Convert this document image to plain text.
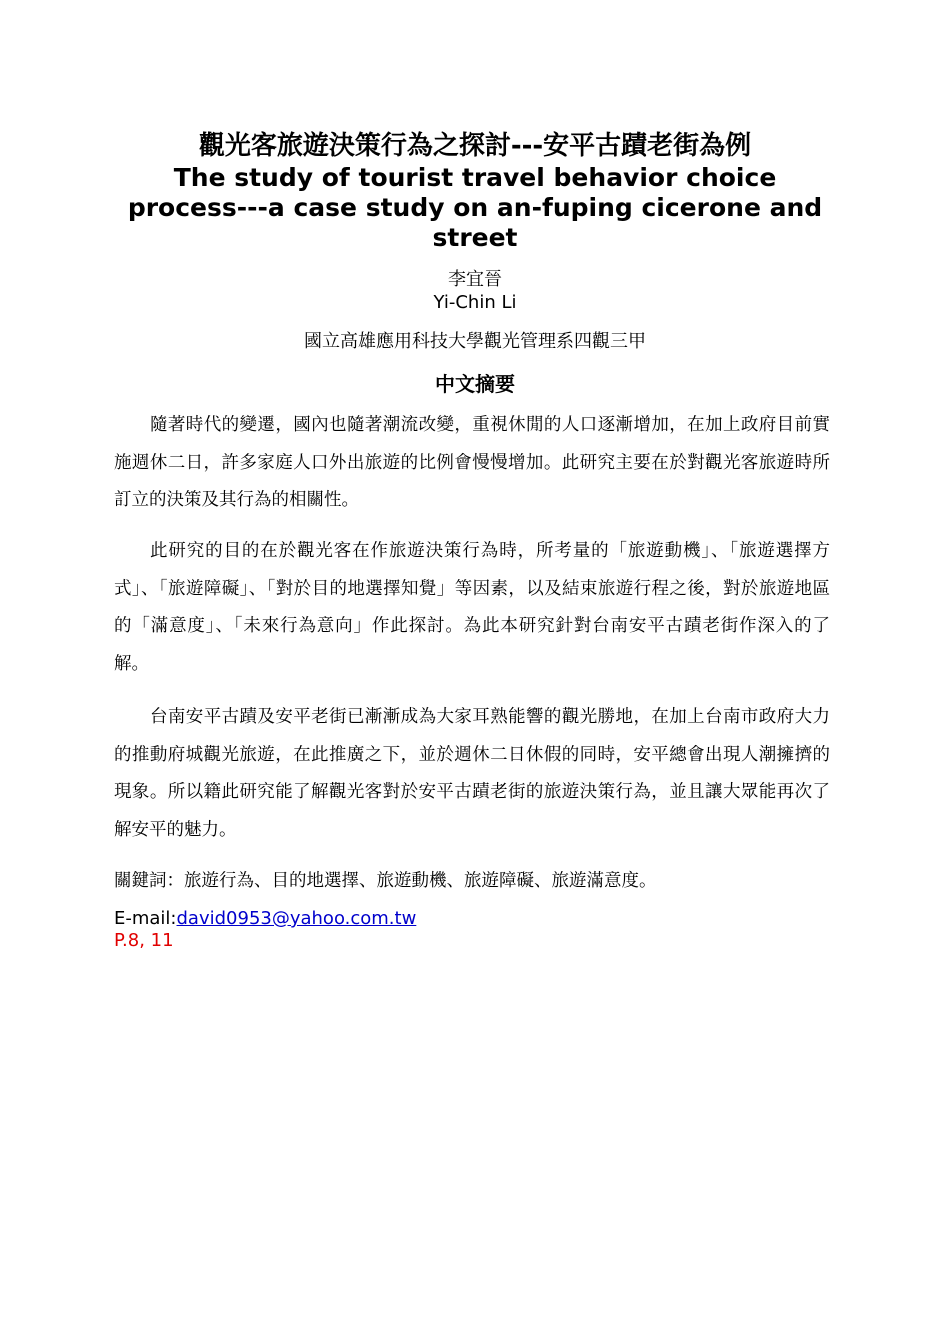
觀光客旅遊決策行為之探討---安平古蹟老街為例
The study of tourist travel behavior choice process---a case study on an-fuping cicerone and street
李宜晉
Yi-Chin Li
國立高雄應用科技大學觀光管理系四觀三甲
中文摘要

隨著時代的變遷，國內也隨著潮流改變，重視休閒的人口逐漸增加，在加上政府目前實施週休二日，許多家庭人口外出旅遊的比例會慢慢增加。此研究主要在於對觀光客旅遊時所訂立的決策及其行為的相關性。

此研究的目的在於觀光客在作旅遊決策行為時，所考量的「旅遊動機」、「旅遊選擇方式」、「旅遊障礙」、「對於目的地選擇知覺」等因素，以及結束旅遊行程之後，對於旅遊地區的「滿意度」、「未來行為意向」作此探討。為此本研究針對台南安平古蹟老街作深入的了解。

台南安平古蹟及安平老街已漸漸成為大家耳熟能響的觀光勝地，在加上台南市政府大力的推動府城觀光旅遊，在此推廣之下，並於週休二日休假的同時，安平總會出現人潮擁擠的現象。所以籍此研究能了解觀光客對於安平古蹟老街的旅遊決策行為，並且讓大眾能再次了解安平的魅力。

關鍵詞：旅遊行為、目的地選擇、旅遊動機、旅遊障礙、旅遊滿意度。
E-mail:david0953@yahoo.com.tw
P.8, 11
